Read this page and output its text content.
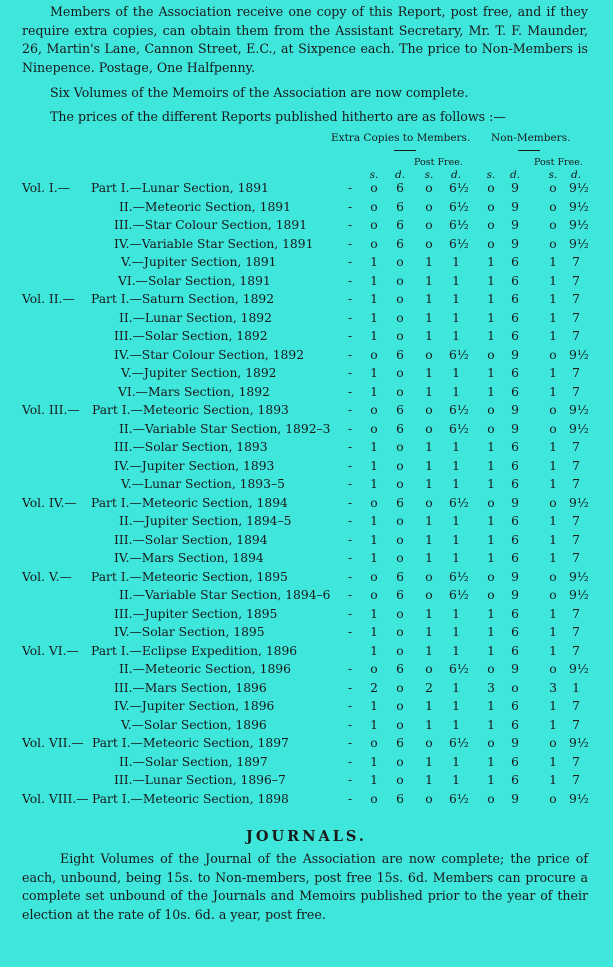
Members of the Association receive one copy of this Report, post free, and if they require extra copies, can obtain them from the Assistant Secretary, Mr. T. F. Maunder, 26, Martin's Lane, Cannon Street, E.C., at Sixpence each. The price to Non-Members is Ninepence. Postage, One Halfpenny.

Six Volumes of the Memoirs of the Association are now complete.

The prices of the different Reports published hitherto are as follows :—

Extra Copies to Members. Non-Members.
Post Free.	Post Free.
s. d. s. d. s. d.	s. d.
Vol. I.— Part I.—Lunar Section, 1891	- o 6 o 6½ o 9 o 9½
II.—Meteoric Section, 1891	- o 6 o 6½ o 9 o 9½
III.—Star Colour Section, 1891	- o 6 o 6½ o 9 o 9½
IV.—Variable Star Section, 1891	- o 6 o 6½ o 9 o 9½
V.—Jupiter Section, 1891	- 1 o 1 1 1 6 1 7
VI.—Solar Section, 1891	- 1 o 1 1 1 6 1 7
Vol. II.— Part I.—Saturn Section, 1892	- 1 o 1 1 1 6 1 7
II.—Lunar Section, 1892	- 1 o 1 1 1 6 1 7
III.—Solar Section, 1892	- 1 o 1 1 1 6 1 7
IV.—Star Colour Section, 1892	- o 6 o 6½ o 9 o 9½
V.—Jupiter Section, 1892	- 1 o 1 1 1 6 1 7
VI.—Mars Section, 1892	- 1 o 1 1 1 6 1 7
Vol. III.— Part I.—Meteoric Section, 1893	- o 6 o 6½ o 9 o 9½
II.—Variable Star Section, 1892–3 - o 6 o 6½ o 9 o 9½
III.—Solar Section, 1893	- 1 o 1 1 1 6 1 7
IV.—Jupiter Section, 1893	- 1 o 1 1 1 6 1 7
V.—Lunar Section, 1893–5	- 1 o 1 1 1 6 1 7
Vol. IV.— Part I.—Meteoric Section, 1894	- o 6 o 6½ o 9 o 9½
II.—Jupiter Section, 1894–5	- 1 o 1 1 1 6 1 7
III.—Solar Section, 1894	- 1 o 1 1 1 6 1 7
IV.—Mars Section, 1894	- 1 o 1 1 1 6 1 7
Vol. V.— Part I.—Meteoric Section, 1895	- o 6 o 6½ o 9 o 9½
II.—Variable Star Section, 1894–6 - o 6 o 6½ o 9 o 9½
III.—Jupiter Section, 1895	- 1 o 1 1 1 6 1 7
IV.—Solar Section, 1895	- 1 o 1 1 1 6 1 7
Vol. VI.— Part I.—Eclipse Expedition, 1896	1 o 1 1 1 6 1 7
II.—Meteoric Section, 1896	- o 6 o 6½ o 9 o 9½
III.—Mars Section, 1896	- 2 o 2 1 3 o 3 1
IV.—Jupiter Section, 1896	- 1 o 1 1 1 6 1 7
V.—Solar Section, 1896	- 1 o 1 1 1 6 1 7
Vol. VII.— Part I.—Meteoric Section, 1897	- o 6 o 6½ o 9 o 9½
II.—Solar Section, 1897	- 1 o 1 1 1 6 1 7
III.—Lunar Section, 1896–7	- 1 o 1 1 1 6 1 7
Vol. VIII.— Part I.—Meteoric Section, 1898	- o 6 o 6½ o 9 o 9½
JOURNALS.

Eight Volumes of the Journal of the Association are now complete; the price of each, unbound, being 15s. to Non-members, post free 15s. 6d. Members can procure a complete set unbound of the Journals and Memoirs published prior to the year of their election at the rate of 10s. 6d. a year, post free.
